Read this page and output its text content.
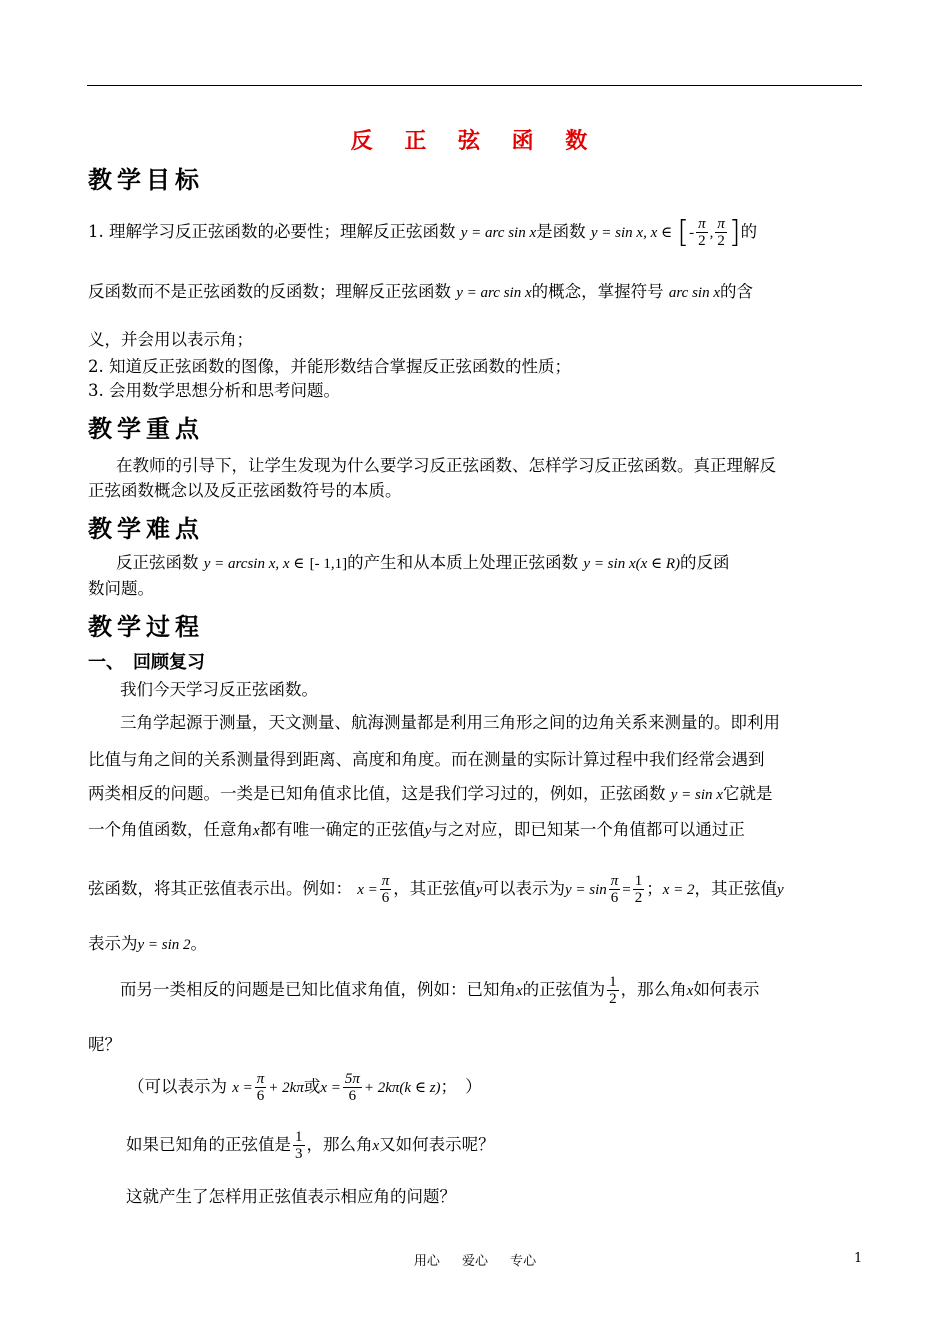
反 正 弦 函 数
教学目标
1. 理解学习反正弦函数的必要性；理解反正弦函数 y = arc sin x是函数 y = sin x, x ∈ [- $\frac{\pi}{2}$ , $\frac{\pi}{2}$ ]的
反函数而不是正弦函数的反函数；理解反正弦函数 y = arc sin x的概念，掌握符号 arc sin x的含
义，并会用以表示角；
2. 知道反正弦函数的图像，并能形数结合掌握反正弦函数的性质；
3. 会用数学思想分析和思考问题。
教学重点
在教师的引导下，让学生发现为什么要学习反正弦函数、怎样学习反正弦函数。真正理解反
正弦函数概念以及反正弦函数符号的本质。
教学难点
反正弦函数 y = arcsin x, x ∈ [- 1,1]的产生和从本质上处理正弦函数 y = sin x(x ∈ R)的反函
数问题。
教学过程
一、　回顾复习
我们今天学习反正弦函数。
三角学起源于测量，天文测量、航海测量都是利用三角形之间的边角关系来测量的。即利用
比值与角之间的关系测量得到距离、高度和角度。而在测量的实际计算过程中我们经常会遇到
两类相反的问题。一类是已知角值求比值，这是我们学习过的，例如，正弦函数 y = sin x它就是
一个角值函数，任意角x都有唯一确定的正弦值y与之对应，即已知某一个角值都可以通过正
弦函数，将其正弦值表示出。例如： $x = \frac{\pi}{6}$ ，其正弦值y可以表示为$y = \sin \frac{\pi}{6} = \frac{1}{2}$ ；x = 2，其正弦值y
表示为y = sin 2。
而另一类相反的问题是已知比值求角值，例如：已知角x的正弦值为 $\frac{1}{2}$ ，那么角x如何表示
呢？
（可以表示为 $x = \frac{\pi}{6} + 2k\pi$或$x = \frac{5\pi}{6} + 2k\pi(k$ ∈ z)；　）
如果已知角的正弦值是 $\frac{1}{3}$ ，那么角x又如何表示呢？
这就产生了怎样用正弦值表示相应角的问题？
用心 爱心 专心	1
